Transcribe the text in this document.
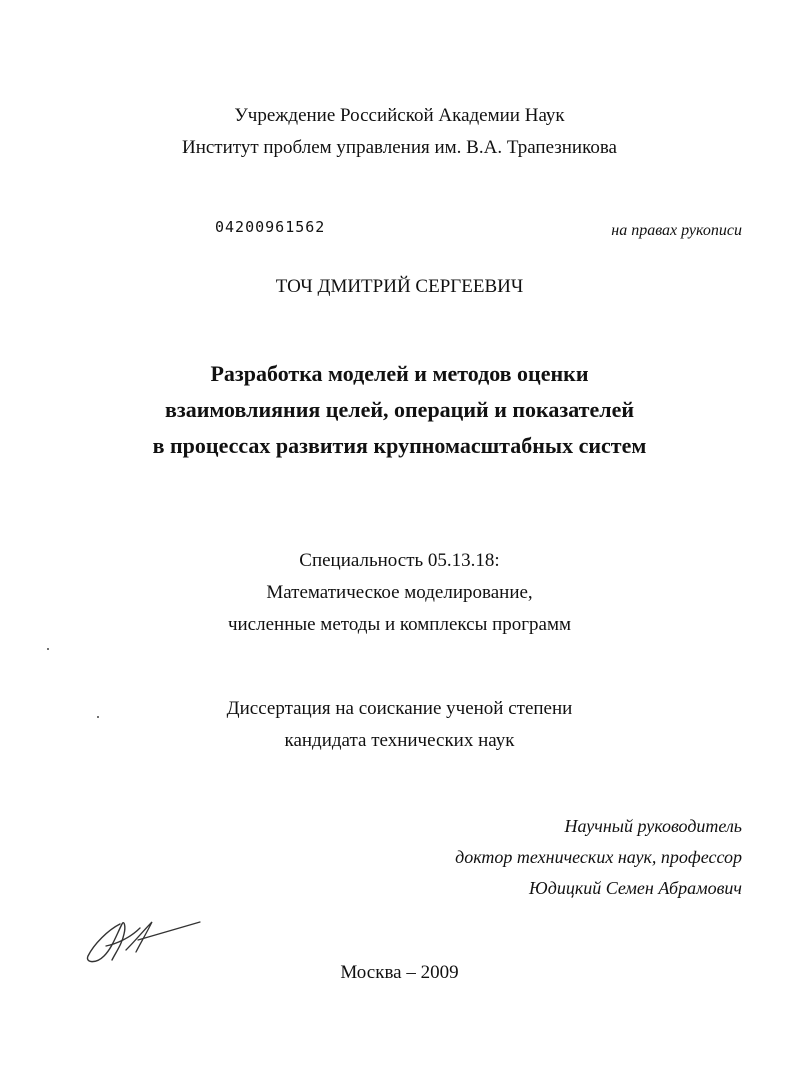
Учреждение Российской Академии Наук
Институт проблем управления им. В.А. Трапезникова
04200961562	на правах рукописи
ТОЧ ДМИТРИЙ СЕРГЕЕВИЧ
Разработка моделей и методов оценки
взаимовлияния целей, операций и показателей
в процессах развития крупномасштабных систем
Специальность 05.13.18:
Математическое моделирование,
численные методы и комплексы программ
Диссертация на соискание ученой степени
кандидата технических наук
Научный руководитель
доктор технических наук, профессор
Юдицкий Семен Абрамович
Москва – 2009
